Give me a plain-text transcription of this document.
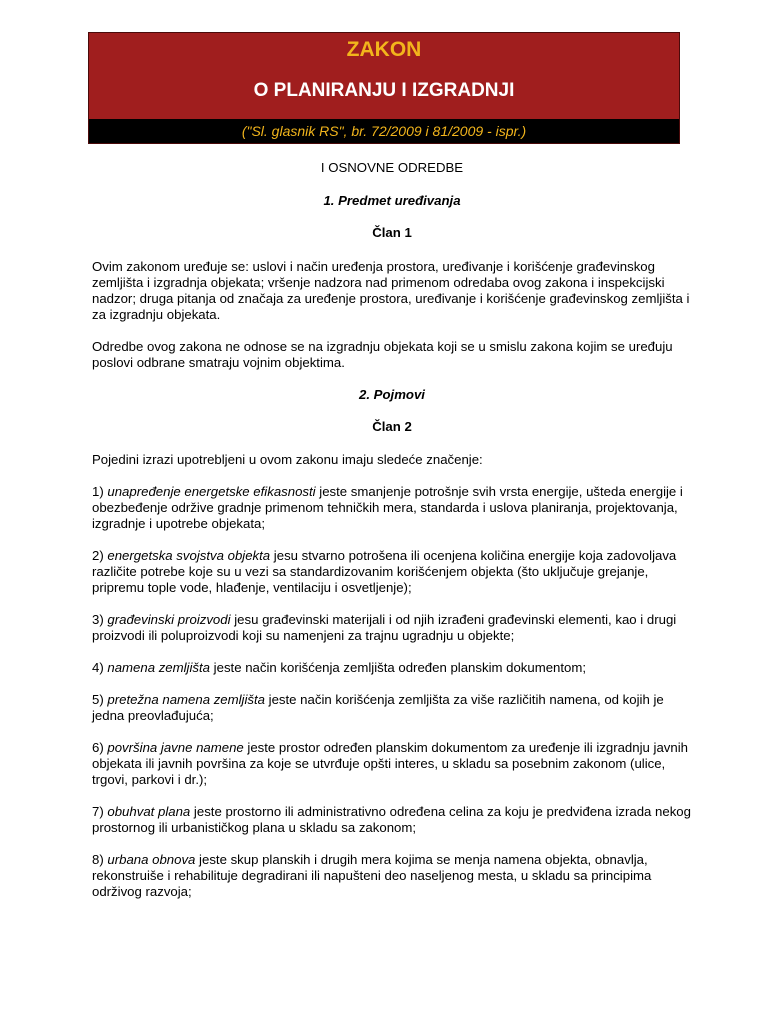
ZAKON
O PLANIRANJU I IZGRADNJI
("Sl. glasnik RS", br. 72/2009 i 81/2009 - ispr.)

I OSNOVNE ODREDBE

1. Predmet uređivanja

Član 1

Ovim zakonom uređuje se: uslovi i način uređenja prostora, uređivanje i korišćenje građevinskog zemljišta i izgradnja objekata; vršenje nadzora nad primenom odredaba ovog zakona i inspekcijski nadzor; druga pitanja od značaja za uređenje prostora, uređivanje i korišćenje građevinskog zemljišta i za izgradnju objekata.

Odredbe ovog zakona ne odnose se na izgradnju objekata koji se u smislu zakona kojim se uređuju poslovi odbrane smatraju vojnim objektima.

2. Pojmovi

Član 2

Pojedini izrazi upotrebljeni u ovom zakonu imaju sledeće značenje:

1) unapređenje energetske efikasnosti jeste smanjenje potrošnje svih vrsta energije, ušteda energije i obezbeđenje održive gradnje primenom tehničkih mera, standarda i uslova planiranja, projektovanja, izgradnje i upotrebe objekata;

2) energetska svojstva objekta jesu stvarno potrošena ili ocenjena količina energije koja zadovoljava različite potrebe koje su u vezi sa standardizovanim korišćenjem objekta (što uključuje grejanje, pripremu tople vode, hlađenje, ventilaciju i osvetljenje);

3) građevinski proizvodi jesu građevinski materijali i od njih izrađeni građevinski elementi, kao i drugi proizvodi ili poluproizvodi koji su namenjeni za trajnu ugradnju u objekte;

4) namena zemljišta jeste način korišćenja zemljišta određen planskim dokumentom;

5) pretežna namena zemljišta jeste način korišćenja zemljišta za više različitih namena, od kojih je jedna preovlađujuća;

6) površina javne namene jeste prostor određen planskim dokumentom za uređenje ili izgradnju javnih objekata ili javnih površina za koje se utvrđuje opšti interes, u skladu sa posebnim zakonom (ulice, trgovi, parkovi i dr.);

7) obuhvat plana jeste prostorno ili administrativno određena celina za koju je predviđena izrada nekog prostornog ili urbanističkog plana u skladu sa zakonom;

8) urbana obnova jeste skup planskih i drugih mera kojima se menja namena objekta, obnavlja, rekonstruiše i rehabilituje degradirani ili napušteni deo naseljenog mesta, u skladu sa principima održivog razvoja;
